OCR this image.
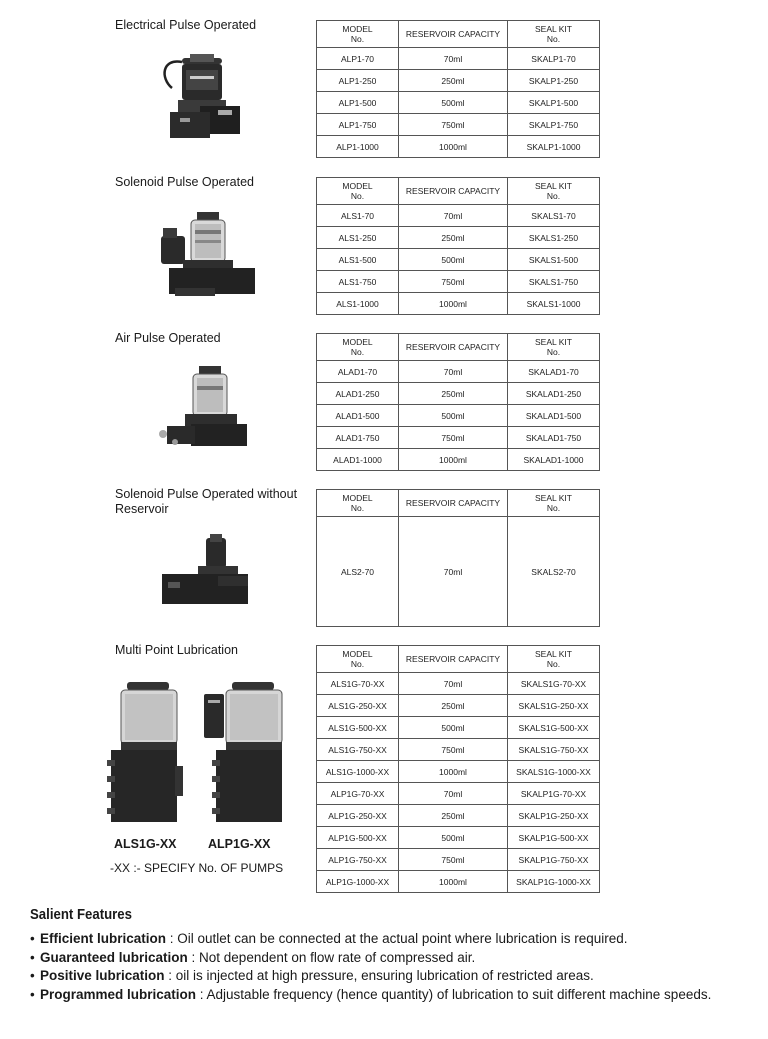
Electrical Pulse Operated	MODEL
No.	RESERVOIR CAPACITY	SEAL KIT
No.
ALP1-70	70ml	SKALP1-70
ALP1-250	250ml	SKALP1-250
ALP1-500	500ml	SKALP1-500
ALP1-750	750ml	SKALP1-750
ALP1-1000	1000ml	SKALP1-1000
Solenoid Pulse Operated	MODEL
No.	RESERVOIR CAPACITY	SEAL KIT
No.
ALS1-70	70ml	SKALS1-70
ALS1-250	250ml	SKALS1-250
ALS1-500	500ml	SKALS1-500
ALS1-750	750ml	SKALS1-750
ALS1-1000	1000ml	SKALS1-1000
Air Pulse Operated	MODEL
No.	RESERVOIR CAPACITY	SEAL KIT
No.
ALAD1-70	70ml	SKALAD1-70
ALAD1-250	250ml	SKALAD1-250
ALAD1-500	500ml	SKALAD1-500
ALAD1-750	750ml	SKALAD1-750
ALAD1-1000	1000ml	SKALAD1-1000
Solenoid Pulse Operated without Reservoir
MODEL
No.	RESERVOIR CAPACITY	SEAL KIT
No.
ALS2-70	70ml	SKALS2-70
Multi Point Lubrication
ALS1G-XX	ALP1G-XX
-XX :- SPECIFY No. OF PUMPS
MODEL
No.	RESERVOIR CAPACITY	SEAL KIT
No.
ALS1G-70-XX	70ml	SKALS1G-70-XX
ALS1G-250-XX	250ml	SKALS1G-250-XX
ALS1G-500-XX	500ml	SKALS1G-500-XX
ALS1G-750-XX	750ml	SKALS1G-750-XX
ALS1G-1000-XX	1000ml	SKALS1G-1000-XX
ALP1G-70-XX	70ml	SKALP1G-70-XX
ALP1G-250-XX	250ml	SKALP1G-250-XX
ALP1G-500-XX	500ml	SKALP1G-500-XX
ALP1G-750-XX	750ml	SKALP1G-750-XX
ALP1G-1000-XX	1000ml	SKALP1G-1000-XX
Salient Features
• Efficient lubrication : Oil outlet can be connected at the actual point where lubrication is required.
• Guaranteed lubrication : Not dependent on flow rate of compressed air.
• Positive lubrication : oil is injected at high pressure, ensuring lubrication of restricted areas.
• Programmed lubrication : Adjustable frequency (hence quantity) of lubrication to suit different machine speeds.
